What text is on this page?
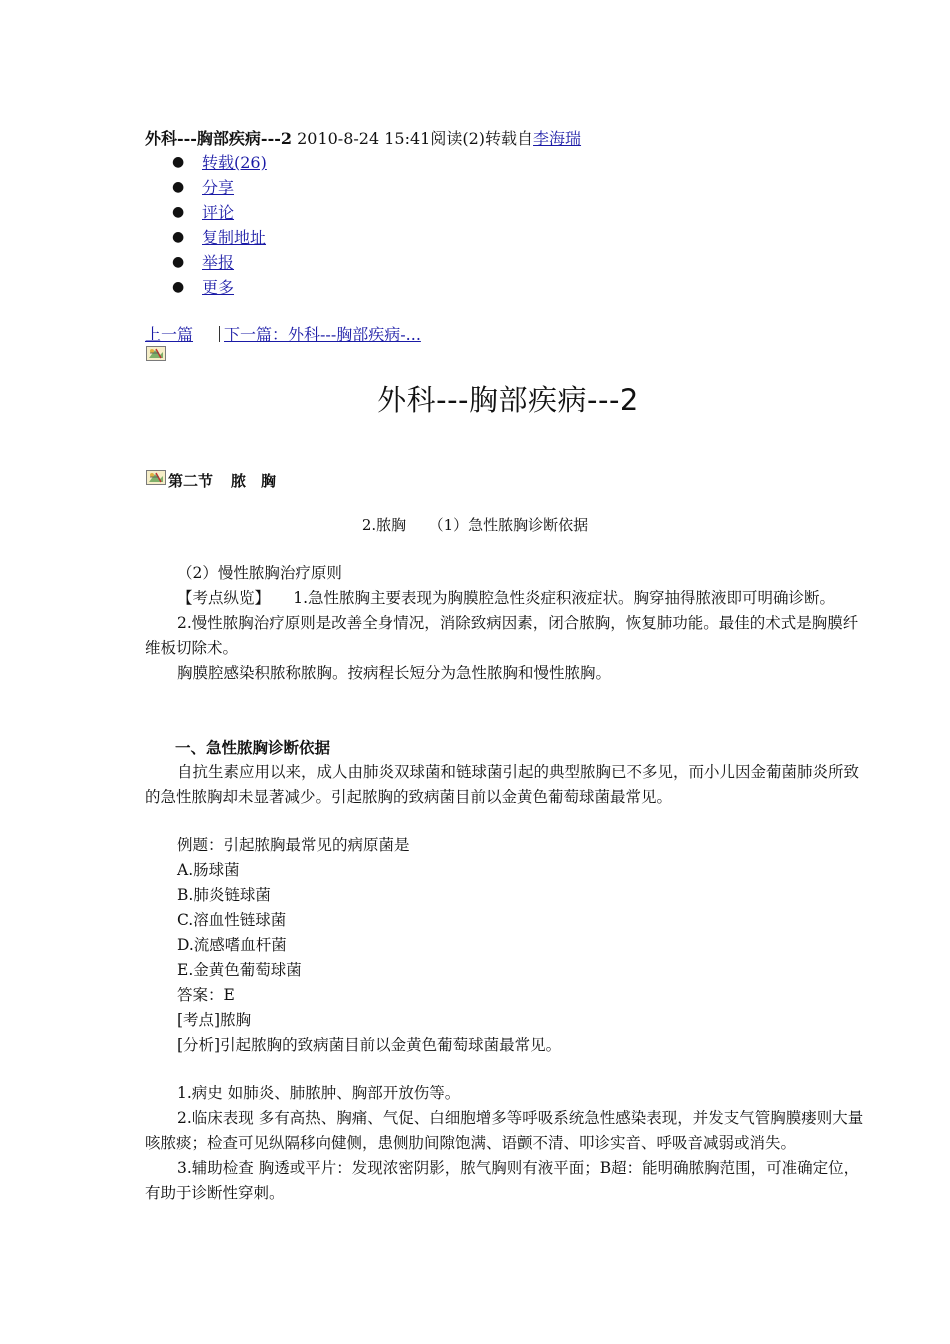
外科---胸部疾病---2 2010-8-24 15:41阅读(2)转载自李海瑞
● 转载(26)
● 分享
● 评论
● 复制地址
● 举报
● 更多
上一篇 下一篇：外科---胸部疾病-...
外科---胸部疾病---2
第二节 脓　胸
2.脓胸　　（1）急性脓胸诊断依据

（2）慢性脓胸治疗原则

【考点纵览】　　1.急性脓胸主要表现为胸膜腔急性炎症积液症状。胸穿抽得脓液即可明确诊断。

2.慢性脓胸治疗原则是改善全身情况，消除致病因素，闭合脓胸，恢复肺功能。最佳的术式是胸膜纤维板切除术。

胸膜腔感染积脓称脓胸。按病程长短分为急性脓胸和慢性脓胸。

一、急性脓胸诊断依据

自抗生素应用以来，成人由肺炎双球菌和链球菌引起的典型脓胸已不多见，而小儿因金葡菌肺炎所致的急性脓胸却未显著减少。引起脓胸的致病菌目前以金黄色葡萄球菌最常见。

例题：引起脓胸最常见的病原菌是

A.肠球菌

B.肺炎链球菌

C.溶血性链球菌

D.流感嗜血杆菌

E.金黄色葡萄球菌

答案：E

[考点]脓胸

[分析]引起脓胸的致病菌目前以金黄色葡萄球菌最常见。

1.病史 如肺炎、肺脓肿、胸部开放伤等。

2.临床表现 多有高热、胸痛、气促、白细胞增多等呼吸系统急性感染表现，并发支气管胸膜瘘则大量咳脓痰；检查可见纵隔移向健侧，患侧肋间隙饱满、语颤不清、叩诊实音、呼吸音减弱或消失。

3.辅助检查 胸透或平片：发现浓密阴影，脓气胸则有液平面；B超：能明确脓胸范围，可准确定位，有助于诊断性穿刺。
